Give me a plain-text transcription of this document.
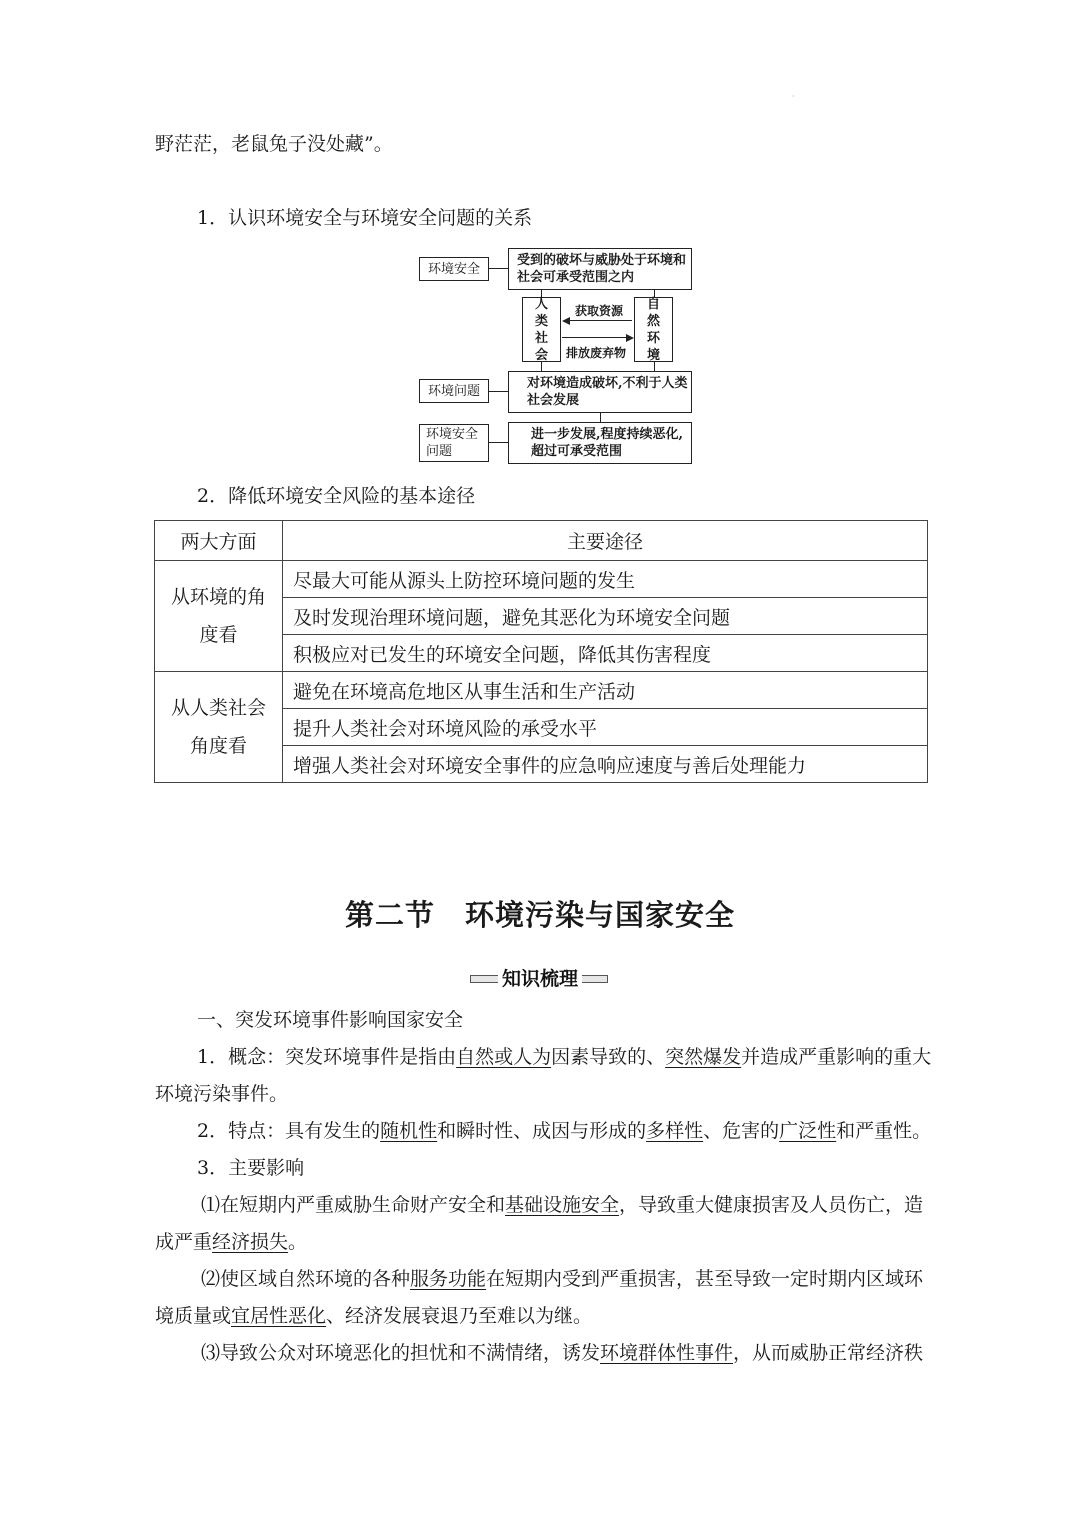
·
野茫茫，老鼠兔子没处藏”。
1．认识环境安全与环境安全问题的关系
环境安全
受到的破坏与威胁处于环境和社会可承受范围之内
人类社会
自然环境
获取资源
排放废弃物
环境问题	对环境造成破坏,不利于人类社会发展
环境安全问题
进一步发展,程度持续恶化,超过可承受范围
2．降低环境安全风险的基本途径
两大方面	主要途径
从环境的角度看	尽最大可能从源头上防控环境问题的发生
	及时发现治理环境问题，避免其恶化为环境安全问题
	积极应对已发生的环境安全问题，降低其伤害程度
从人类社会角度看	避免在环境高危地区从事生活和生产活动
	提升人类社会对环境风险的承受水平
	增强人类社会对环境安全事件的应急响应速度与善后处理能力
第二节　环境污染与国家安全
知识梳理
一、突发环境事件影响国家安全
1．概念：突发环境事件是指由自然或人为因素导致的、突然爆发并造成严重影响的重大
环境污染事件。
2．特点：具有发生的随机性和瞬时性、成因与形成的多样性、危害的广泛性和严重性。
3．主要影响
⑴在短期内严重威胁生命财产安全和基础设施安全，导致重大健康损害及人员伤亡，造
成严重经济损失。
⑵使区域自然环境的各种服务功能在短期内受到严重损害，甚至导致一定时期内区域环
境质量或宜居性恶化、经济发展衰退乃至难以为继。
⑶导致公众对环境恶化的担忧和不满情绪，诱发环境群体性事件，从而威胁正常经济秩
